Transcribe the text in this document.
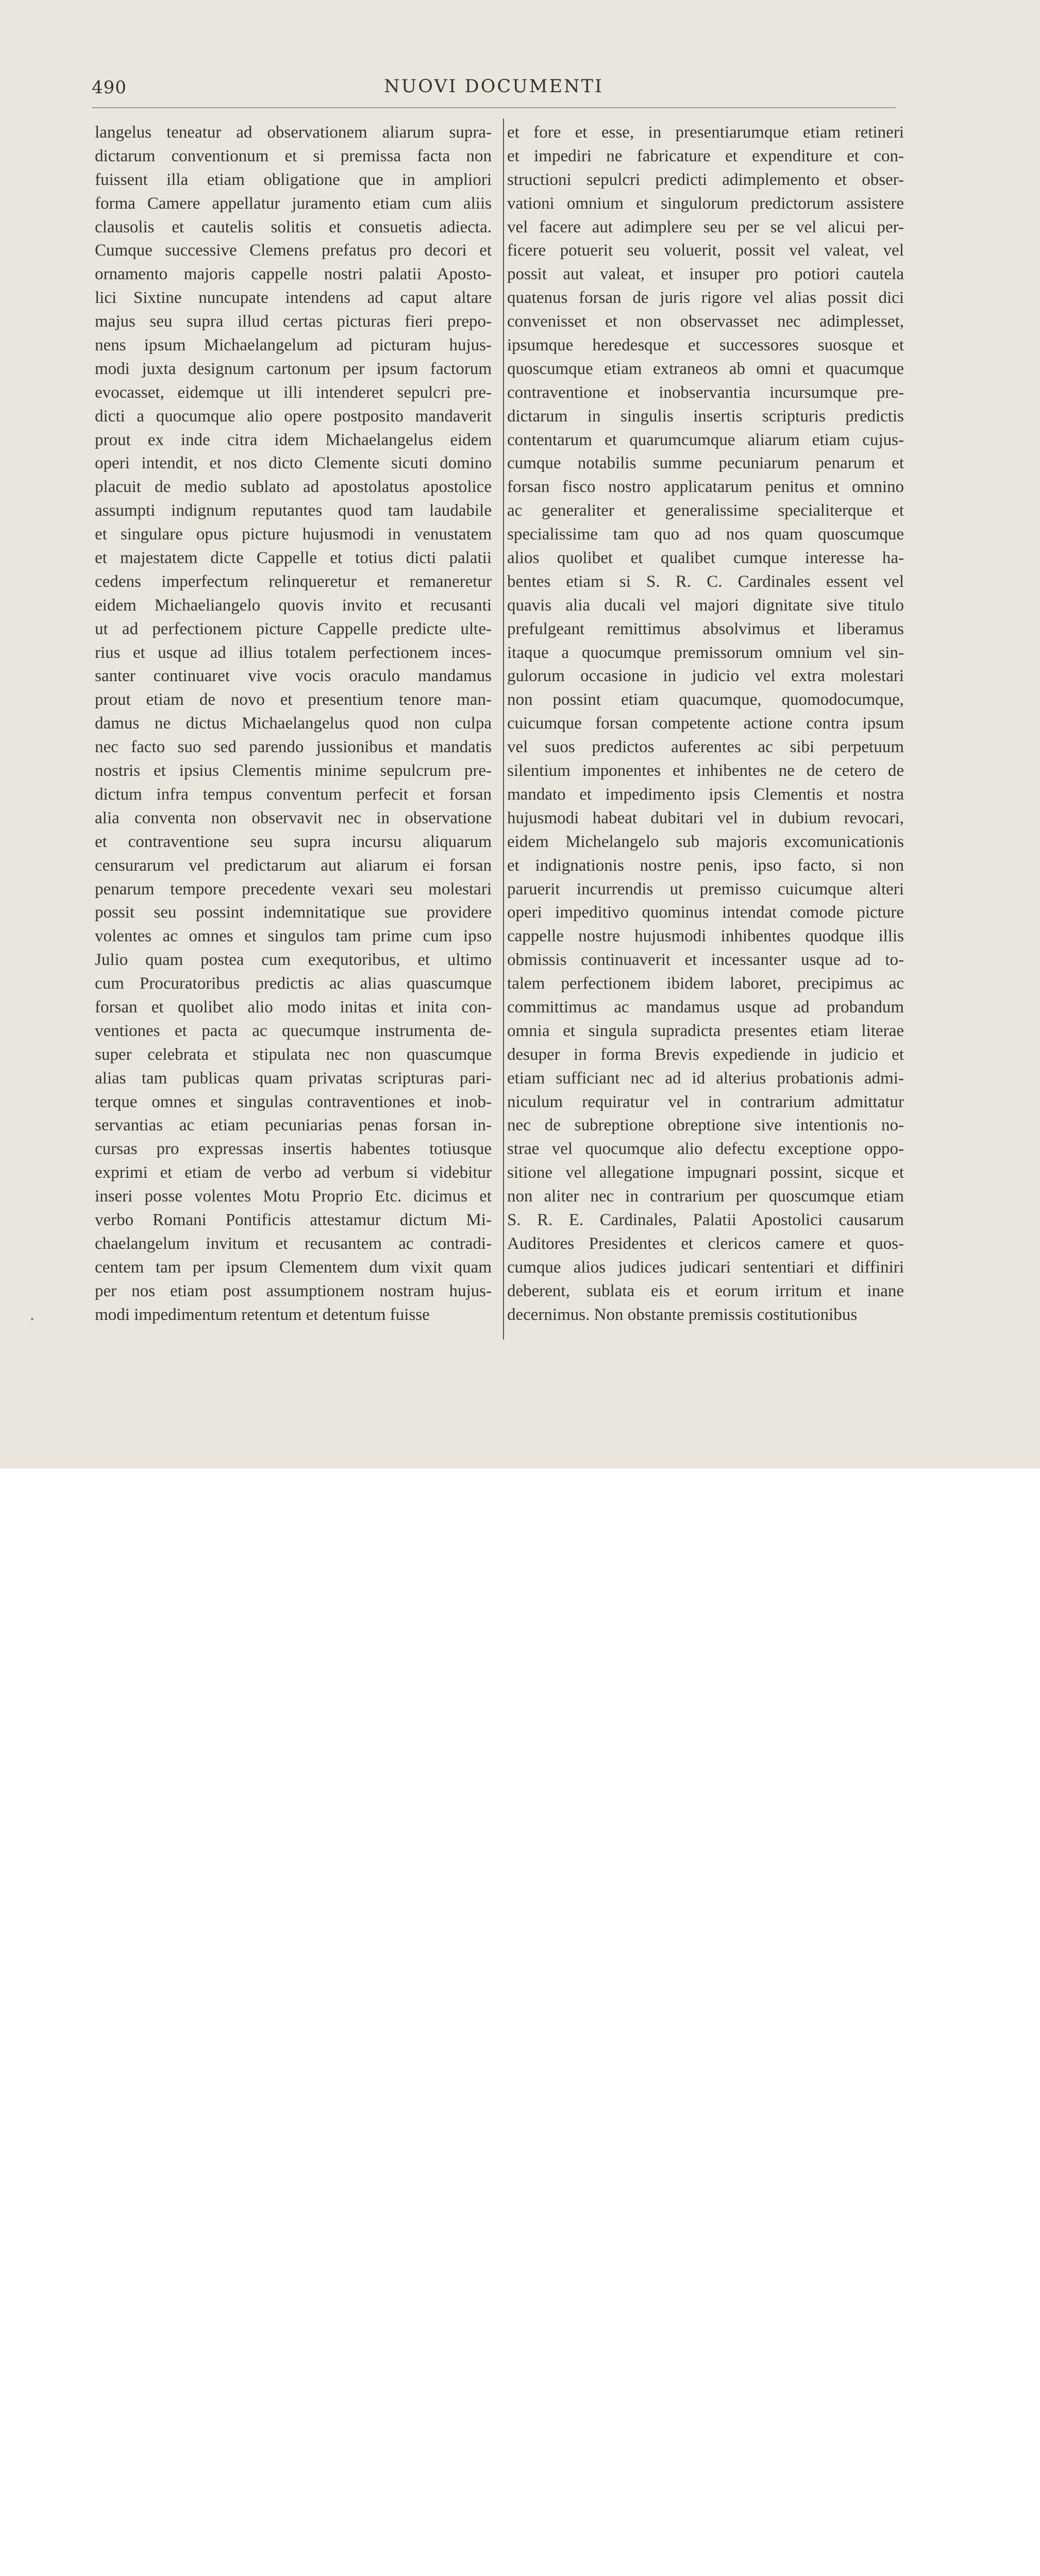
490	NUOVI DOCUMENTI
langelus teneatur ad observationem aliarum supra-
dictarum conventionum et si premissa facta non
fuissent illa etiam obligatione que in ampliori
forma Camere appellatur juramento etiam cum aliis
clausolis et cautelis solitis et consuetis adiecta.
Cumque successive Clemens prefatus pro decori et
ornamento majoris cappelle nostri palatii Aposto-
lici Sixtine nuncupate intendens ad caput altare
majus seu supra illud certas picturas fieri prepo-
nens ipsum Michaelangelum ad picturam hujus-
modi juxta designum cartonum per ipsum factorum
evocasset, eidemque ut illi intenderet sepulcri pre-
dicti a quocumque alio opere postposito mandaverit
prout ex inde citra idem Michaelangelus eidem
operi intendit, et nos dicto Clemente sicuti domino
placuit de medio sublato ad apostolatus apostolice
assumpti indignum reputantes quod tam laudabile
et singulare opus picture hujusmodi in venustatem
et majestatem dicte Cappelle et totius dicti palatii
cedens imperfectum relinqueretur et remaneretur
eidem Michaeliangelo quovis invito et recusanti
ut ad perfectionem picture Cappelle predicte ulte-
rius et usque ad illius totalem perfectionem inces-
santer continuaret vive vocis oraculo mandamus
prout etiam de novo et presentium tenore man-
damus ne dictus Michaelangelus quod non culpa
nec facto suo sed parendo jussionibus et mandatis
nostris et ipsius Clementis minime sepulcrum pre-
dictum infra tempus conventum perfecit et forsan
alia conventa non observavit nec in observatione
et contraventione seu supra incursu aliquarum
censurarum vel predictarum aut aliarum ei forsan
penarum tempore precedente vexari seu molestari
possit seu possint indemnitatique sue providere
volentes ac omnes et singulos tam prime cum ipso
Julio quam postea cum exequtoribus, et ultimo
cum Procuratoribus predictis ac alias quascumque
forsan et quolibet alio modo initas et inita con-
ventiones et pacta ac quecumque instrumenta de-
super celebrata et stipulata nec non quascumque
alias tam publicas quam privatas scripturas pari-
terque omnes et singulas contraventiones et inob-
servantias ac etiam pecuniarias penas forsan in-
cursas pro expressas insertis habentes totiusque
exprimi et etiam de verbo ad verbum si videbitur
inseri posse volentes Motu Proprio Etc. dicimus et
verbo Romani Pontificis attestamur dictum Mi-
chaelangelum invitum et recusantem ac contradi-
centem tam per ipsum Clementem dum vixit quam
per nos etiam post assumptionem nostram hujus-
modi impedimentum retentum et detentum fuisse
et fore et esse, in presentiarumque etiam retineri
et impediri ne fabricature et expenditure et con-
structioni sepulcri predicti adimplemento et obser-
vationi omnium et singulorum predictorum assistere
vel facere aut adimplere seu per se vel alicui per-
ficere potuerit seu voluerit, possit vel valeat, vel
possit aut valeat, et insuper pro potiori cautela
quatenus forsan de juris rigore vel alias possit dici
convenisset et non observasset nec adimplesset,
ipsumque heredesque et successores suosque et
quoscumque etiam extraneos ab omni et quacumque
contraventione et inobservantia incursumque pre-
dictarum in singulis insertis scripturis predictis
contentarum et quarumcumque aliarum etiam cujus-
cumque notabilis summe pecuniarum penarum et
forsan fisco nostro applicatarum penitus et omnino
ac generaliter et generalissime specialiterque et
specialissime tam quo ad nos quam quoscumque
alios quolibet et qualibet cumque interesse ha-
bentes etiam si S. R. C. Cardinales essent vel
quavis alia ducali vel majori dignitate sive titulo
prefulgeant remittimus absolvimus et liberamus
itaque a quocumque premissorum omnium vel sin-
gulorum occasione in judicio vel extra molestari
non possint etiam quacumque, quomodocumque,
cuicumque forsan competente actione contra ipsum
vel suos predictos auferentes ac sibi perpetuum
silentium imponentes et inhibentes ne de cetero de
mandato et impedimento ipsis Clementis et nostra
hujusmodi habeat dubitari vel in dubium revocari,
eidem Michelangelo sub majoris excomunicationis
et indignationis nostre penis, ipso facto, si non
paruerit incurrendis ut premisso cuicumque alteri
operi impeditivo quominus intendat comode picture
cappelle nostre hujusmodi inhibentes quodque illis
obmissis continuaverit et incessanter usque ad to-
talem perfectionem ibidem laboret, precipimus ac
committimus ac mandamus usque ad probandum
omnia et singula supradicta presentes etiam literae
desuper in forma Brevis expediende in judicio et
etiam sufficiant nec ad id alterius probationis admi-
niculum requiratur vel in contrarium admittatur
nec de subreptione obreptione sive intentionis no-
strae vel quocumque alio defectu exceptione oppo-
sitione vel allegatione impugnari possint, sicque et
non aliter nec in contrarium per quoscumque etiam
S. R. E. Cardinales, Palatii Apostolici causarum
Auditores Presidentes et clericos camere et quos-
cumque alios judices judicari sententiari et diffiniri
deberent, sublata eis et eorum irritum et inane
decernimus. Non obstante premissis costitutionibus
